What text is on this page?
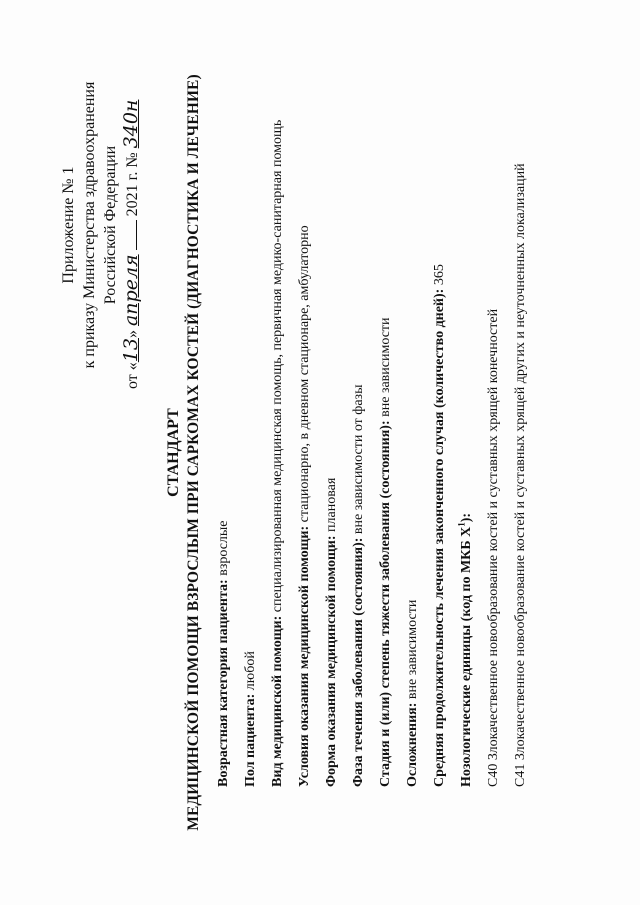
Приложение № 1 к приказу Министерства здравоохранения Российской Федерации
от «13» апреля  2021 г. № 340н
СТАНДАРТ МЕДИЦИНСКОЙ ПОМОЩИ ВЗРОСЛЫМ ПРИ САРКОМАХ КОСТЕЙ (ДИАГНОСТИКА И ЛЕЧЕНИЕ) Возрастная категория пациента: взрослые
Пол пациента: любой Вид медицинской помощи: специализированная медицинская помощь, первичная медико-санитарная помощь
Условия оказания медицинской помощи: стационарно, в дневном стационаре, амбулаторно
Форма оказания медицинской помощи: плановая
Фаза течения заболевания (состояния): вне зависимости от фазы Стадия и (или) степень тяжести заболевания (состояния): вне зависимости
Осложнения: вне зависимости Средняя продолжительность лечения законченного случая (количество дней): 365
Нозологические единицы (код по МКБ $X^1$):
C40 Злокачественное новообразование костей и суставных хрящей конечностей
C41 Злокачественное новообразование костей и суставных хрящей других и неуточненных локализаций
